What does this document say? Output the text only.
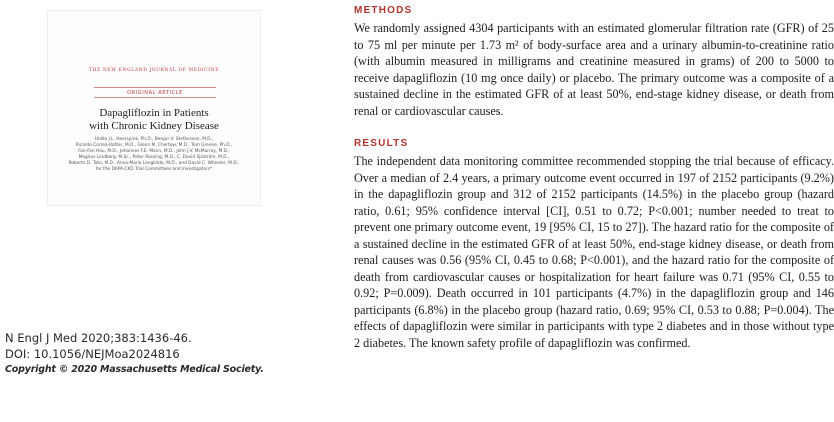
THE NEW ENGLAND JOURNAL OF MEDICINE
ORIGINAL ARTICLE
Dapagliflozin in Patients
with Chronic Kidney Disease
Hiddo J.L. Heerspink, Ph.D., Bergur V. Stefánsson, M.D.,
Ricardo Correa-Rotter, M.D., Glenn M. Chertow, M.D., Tom Greene, Ph.D.,
Fan-Fan Hou, M.D., Johannes F.E. Mann, M.D., John J.V. McMurray, M.D.,
Magnus Lindberg, M.Sc., Peter Rossing, M.D., C. David Sjöström, M.D.,
Roberto D. Toto, M.D., Anna-Maria Langkilde, M.D., and David C. Wheeler, M.D.,
for the DAPA-CKD Trial Committees and Investigators*
N Engl J Med 2020;383:1436-46.
DOI: 10.1056/NEJMoa2024816
Copyright © 2020 Massachusetts Medical Society.
METHODS

We randomly assigned 4304 participants with an estimated glomerular filtration rate (GFR) of 25 to 75 ml per minute per 1.73 m² of body-surface area and a urinary albumin-to-creatinine ratio (with albumin measured in milligrams and creatinine measured in grams) of 200 to 5000 to receive dapagliflozin (10 mg once daily) or placebo. The primary outcome was a composite of a sustained decline in the estimated GFR of at least 50%, end-stage kidney disease, or death from renal or cardiovascular causes.

RESULTS

The independent data monitoring committee recommended stopping the trial because of efficacy. Over a median of 2.4 years, a primary outcome event occurred in 197 of 2152 participants (9.2%) in the dapagliflozin group and 312 of 2152 participants (14.5%) in the placebo group (hazard ratio, 0.61; 95% confidence interval [CI], 0.51 to 0.72; P<0.001; number needed to treat to prevent one primary outcome event, 19 [95% CI, 15 to 27]). The hazard ratio for the composite of a sustained decline in the estimated GFR of at least 50%, end-stage kidney disease, or death from renal causes was 0.56 (95% CI, 0.45 to 0.68; P<0.001), and the hazard ratio for the composite of death from cardiovascular causes or hospitalization for heart failure was 0.71 (95% CI, 0.55 to 0.92; P=0.009). Death occurred in 101 participants (4.7%) in the dapagliflozin group and 146 participants (6.8%) in the placebo group (hazard ratio, 0.69; 95% CI, 0.53 to 0.88; P=0.004). The effects of dapagliflozin were similar in participants with type 2 diabetes and in those without type 2 diabetes. The known safety profile of dapagliflozin was confirmed.
